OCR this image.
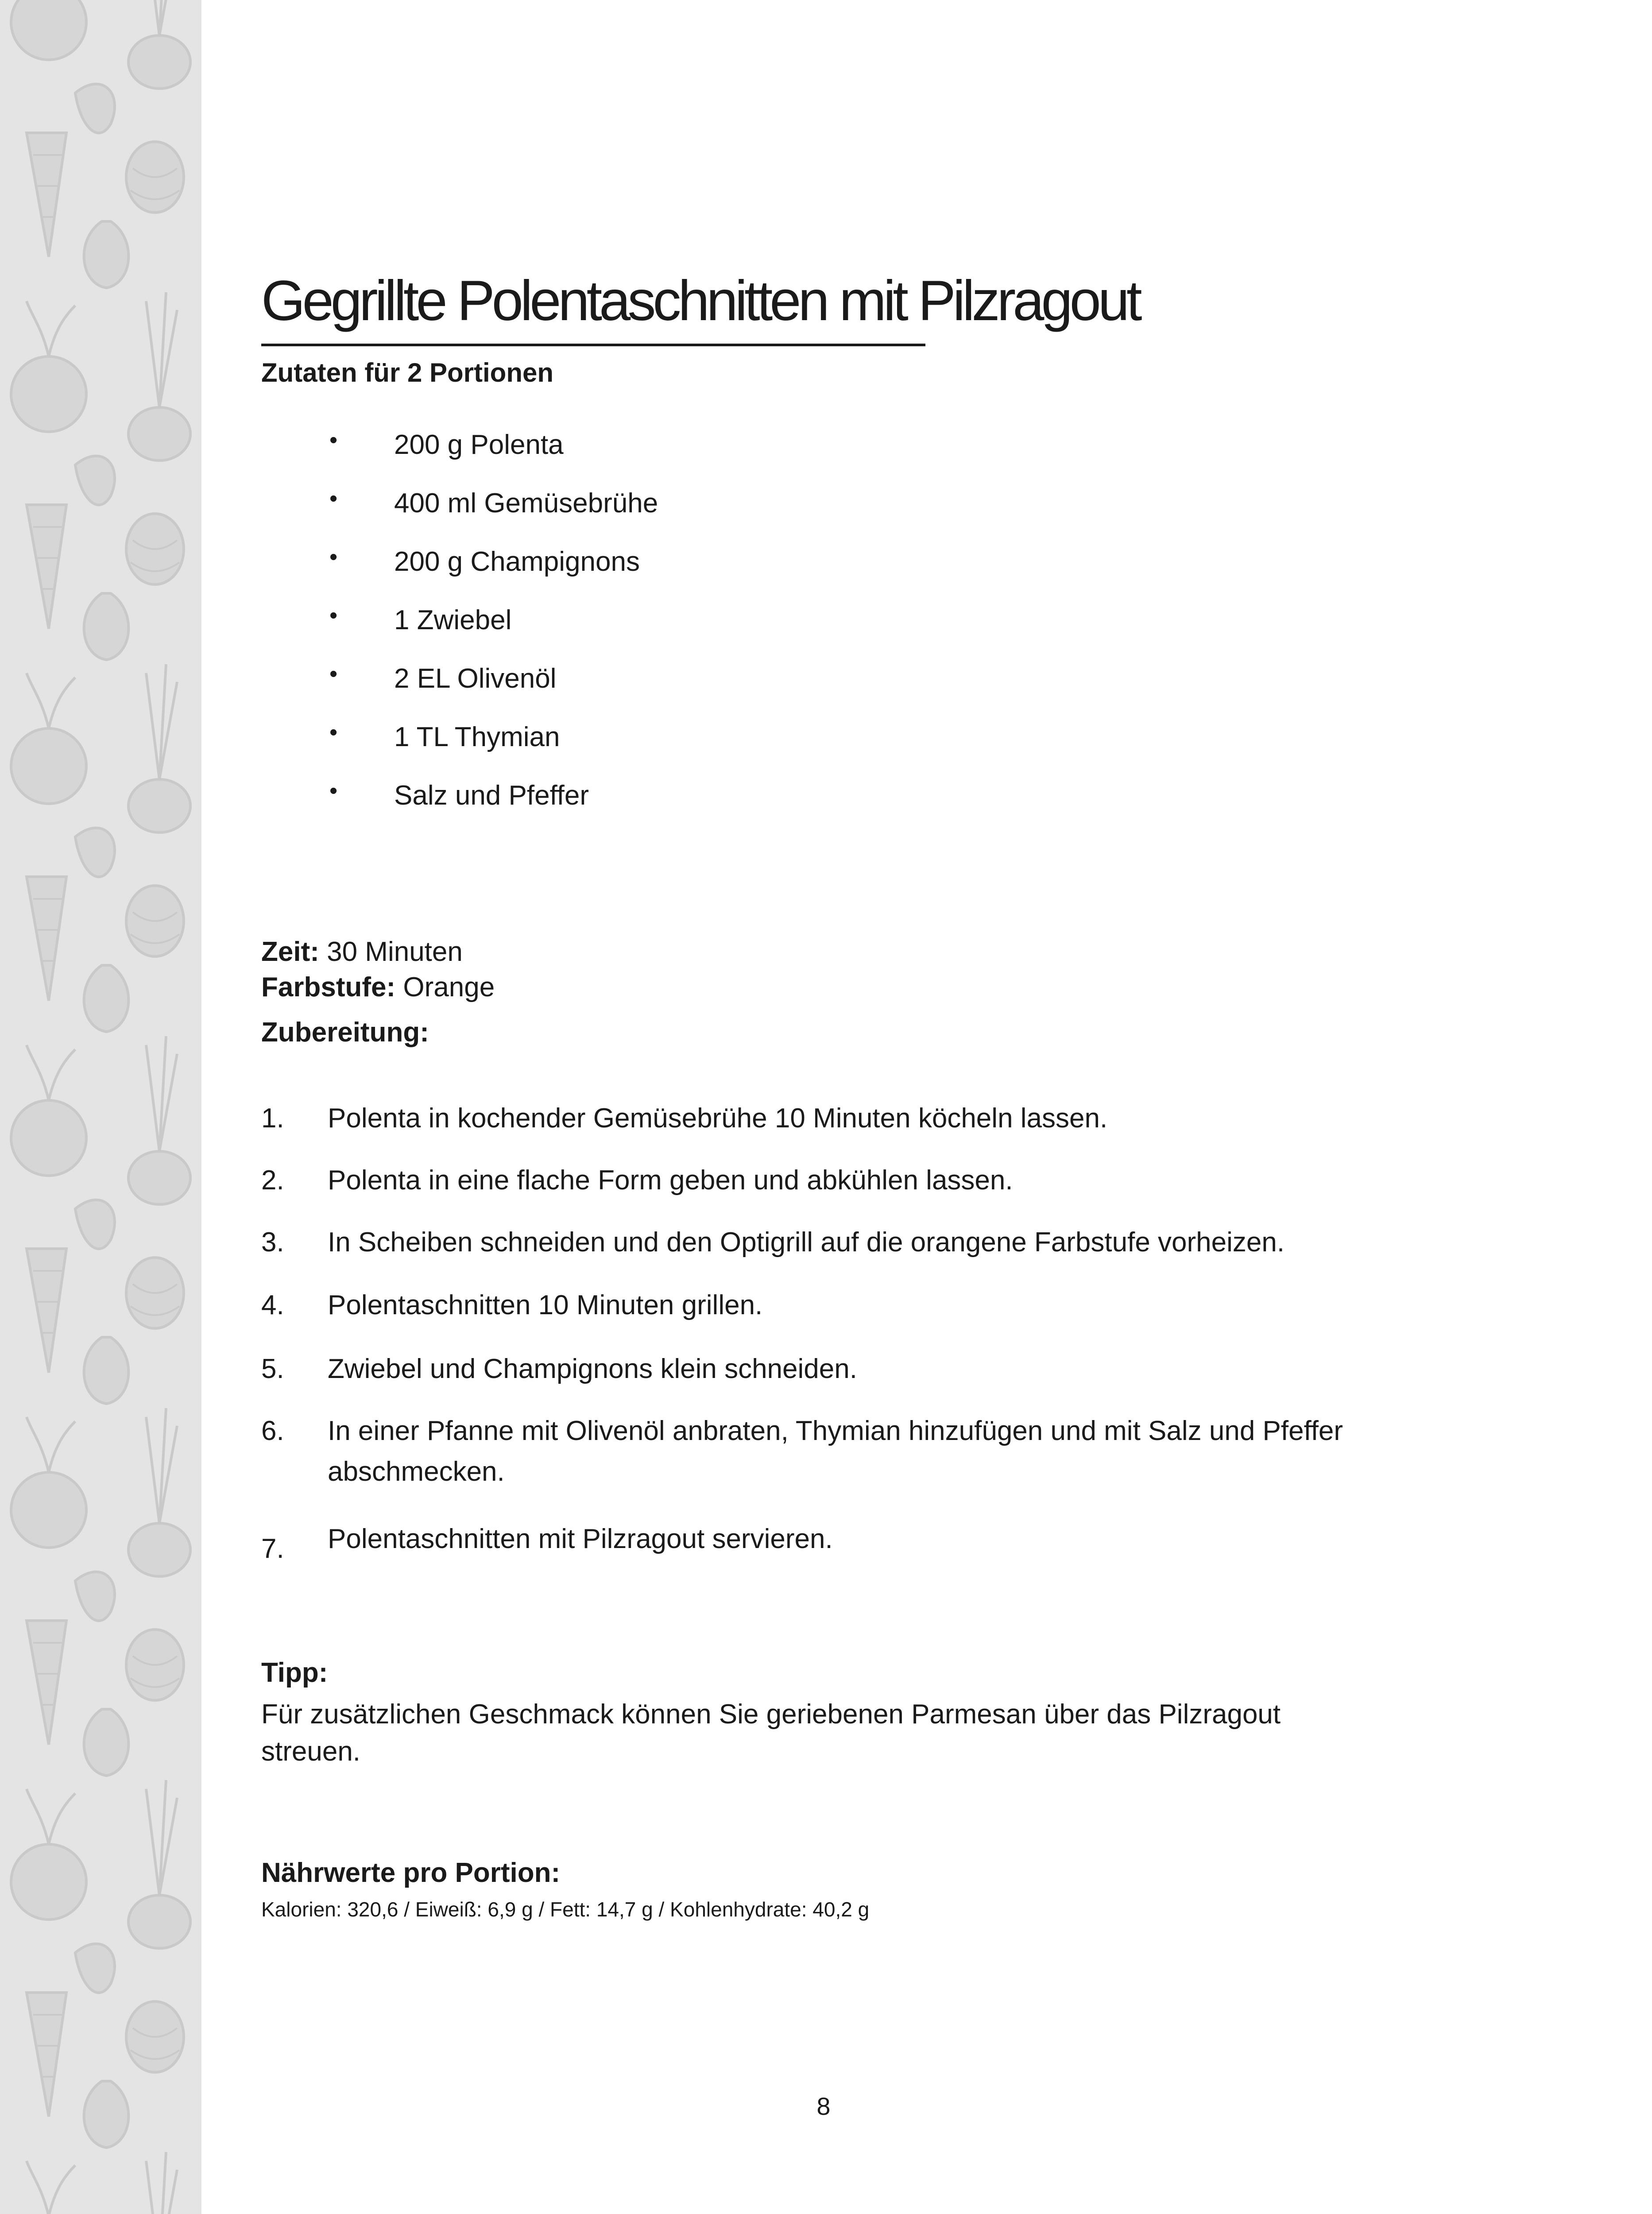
Gegrillte Polentaschnitten mit Pilzragout

Zutaten für 2 Portionen

• 200 g Polenta
• 400 ml Gemüsebrühe
• 200 g Champignons
• 1 Zwiebel
• 2 EL Olivenöl
• 1 TL Thymian
• Salz und Pfeffer
Zeit: 30 Minuten
Farbstufe: Orange

Zubereitung:

1. Polenta in kochender Gemüsebrühe 10 Minuten köcheln lassen.
2. Polenta in eine flache Form geben und abkühlen lassen.
3. In Scheiben schneiden und den Optigrill auf die orangene Farbstufe vorheizen.
4. Polentaschnitten 10 Minuten grillen.
5. Zwiebel und Champignons klein schneiden.
6. In einer Pfanne mit Olivenöl anbraten, Thymian hinzufügen und mit Salz und Pfeffer abschmecken.
7. Polentaschnitten mit Pilzragout servieren.

Tipp:

Für zusätzlichen Geschmack können Sie geriebenen Parmesan über das Pilzragout streuen.

Nährwerte pro Portion:

Kalorien: 320,6 / Eiweiß: 6,9 g / Fett: 14,7 g / Kohlenhydrate: 40,2 g
8
